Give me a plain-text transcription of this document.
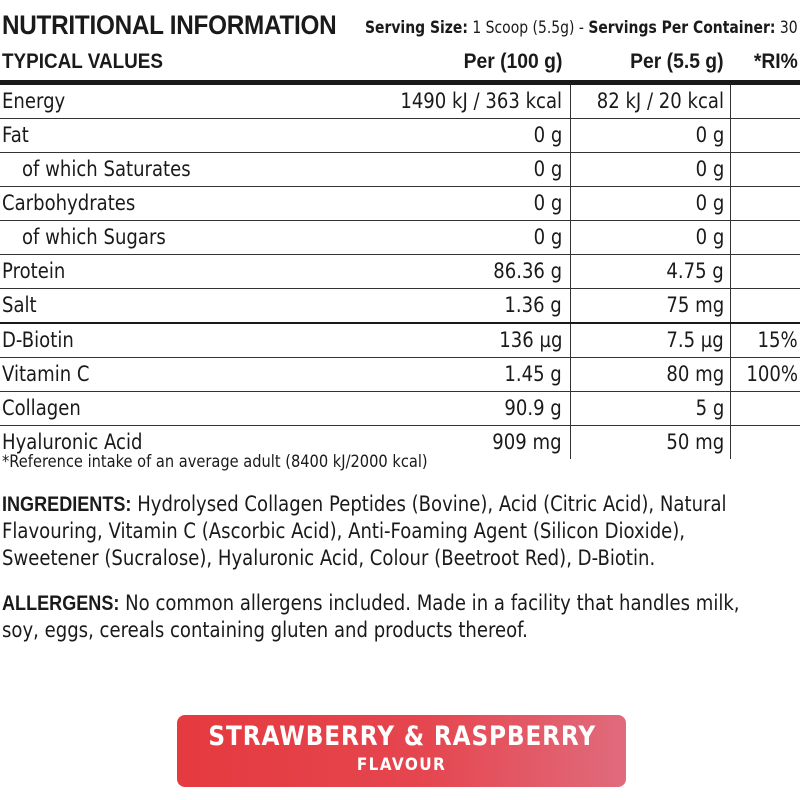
NUTRITIONAL INFORMATION Serving Size: 1 Scoop (5.5g) - Servings Per Container: 30
TYPICAL VALUES	Per (100 g)	Per (5.5 g) *RI%
Energy	1490 kJ / 363 kcal 82 kJ / 20 kcal
Fat	0 g	0 g
of which Saturates	0 g	0 g
Carbohydrates	0 g	0 g
of which Sugars	0 g	0 g
Protein	86.36 g	4.75 g
Salt	1.36 g	75 mg
D-Biotin	136 µg	7.5 µg 15%
Vitamin C	1.45 g	80 mg 100%
Collagen	90.9 g	5 g
Hyaluronic Acid	909 mg	50 mg
*Reference intake of an average adult (8400 kJ/2000 kcal)
INGREDIENTS: Hydrolysed Collagen Peptides (Bovine), Acid (Citric Acid), Natural Flavouring, Vitamin C (Ascorbic Acid), Anti-Foaming Agent (Silicon Dioxide), Sweetener (Sucralose), Hyaluronic Acid, Colour (Beetroot Red), D-Biotin.
ALLERGENS: No common allergens included. Made in a facility that handles milk, soy, eggs, cereals containing gluten and products thereof.
STRAWBERRY & RASPBERRY
FLAVOUR
